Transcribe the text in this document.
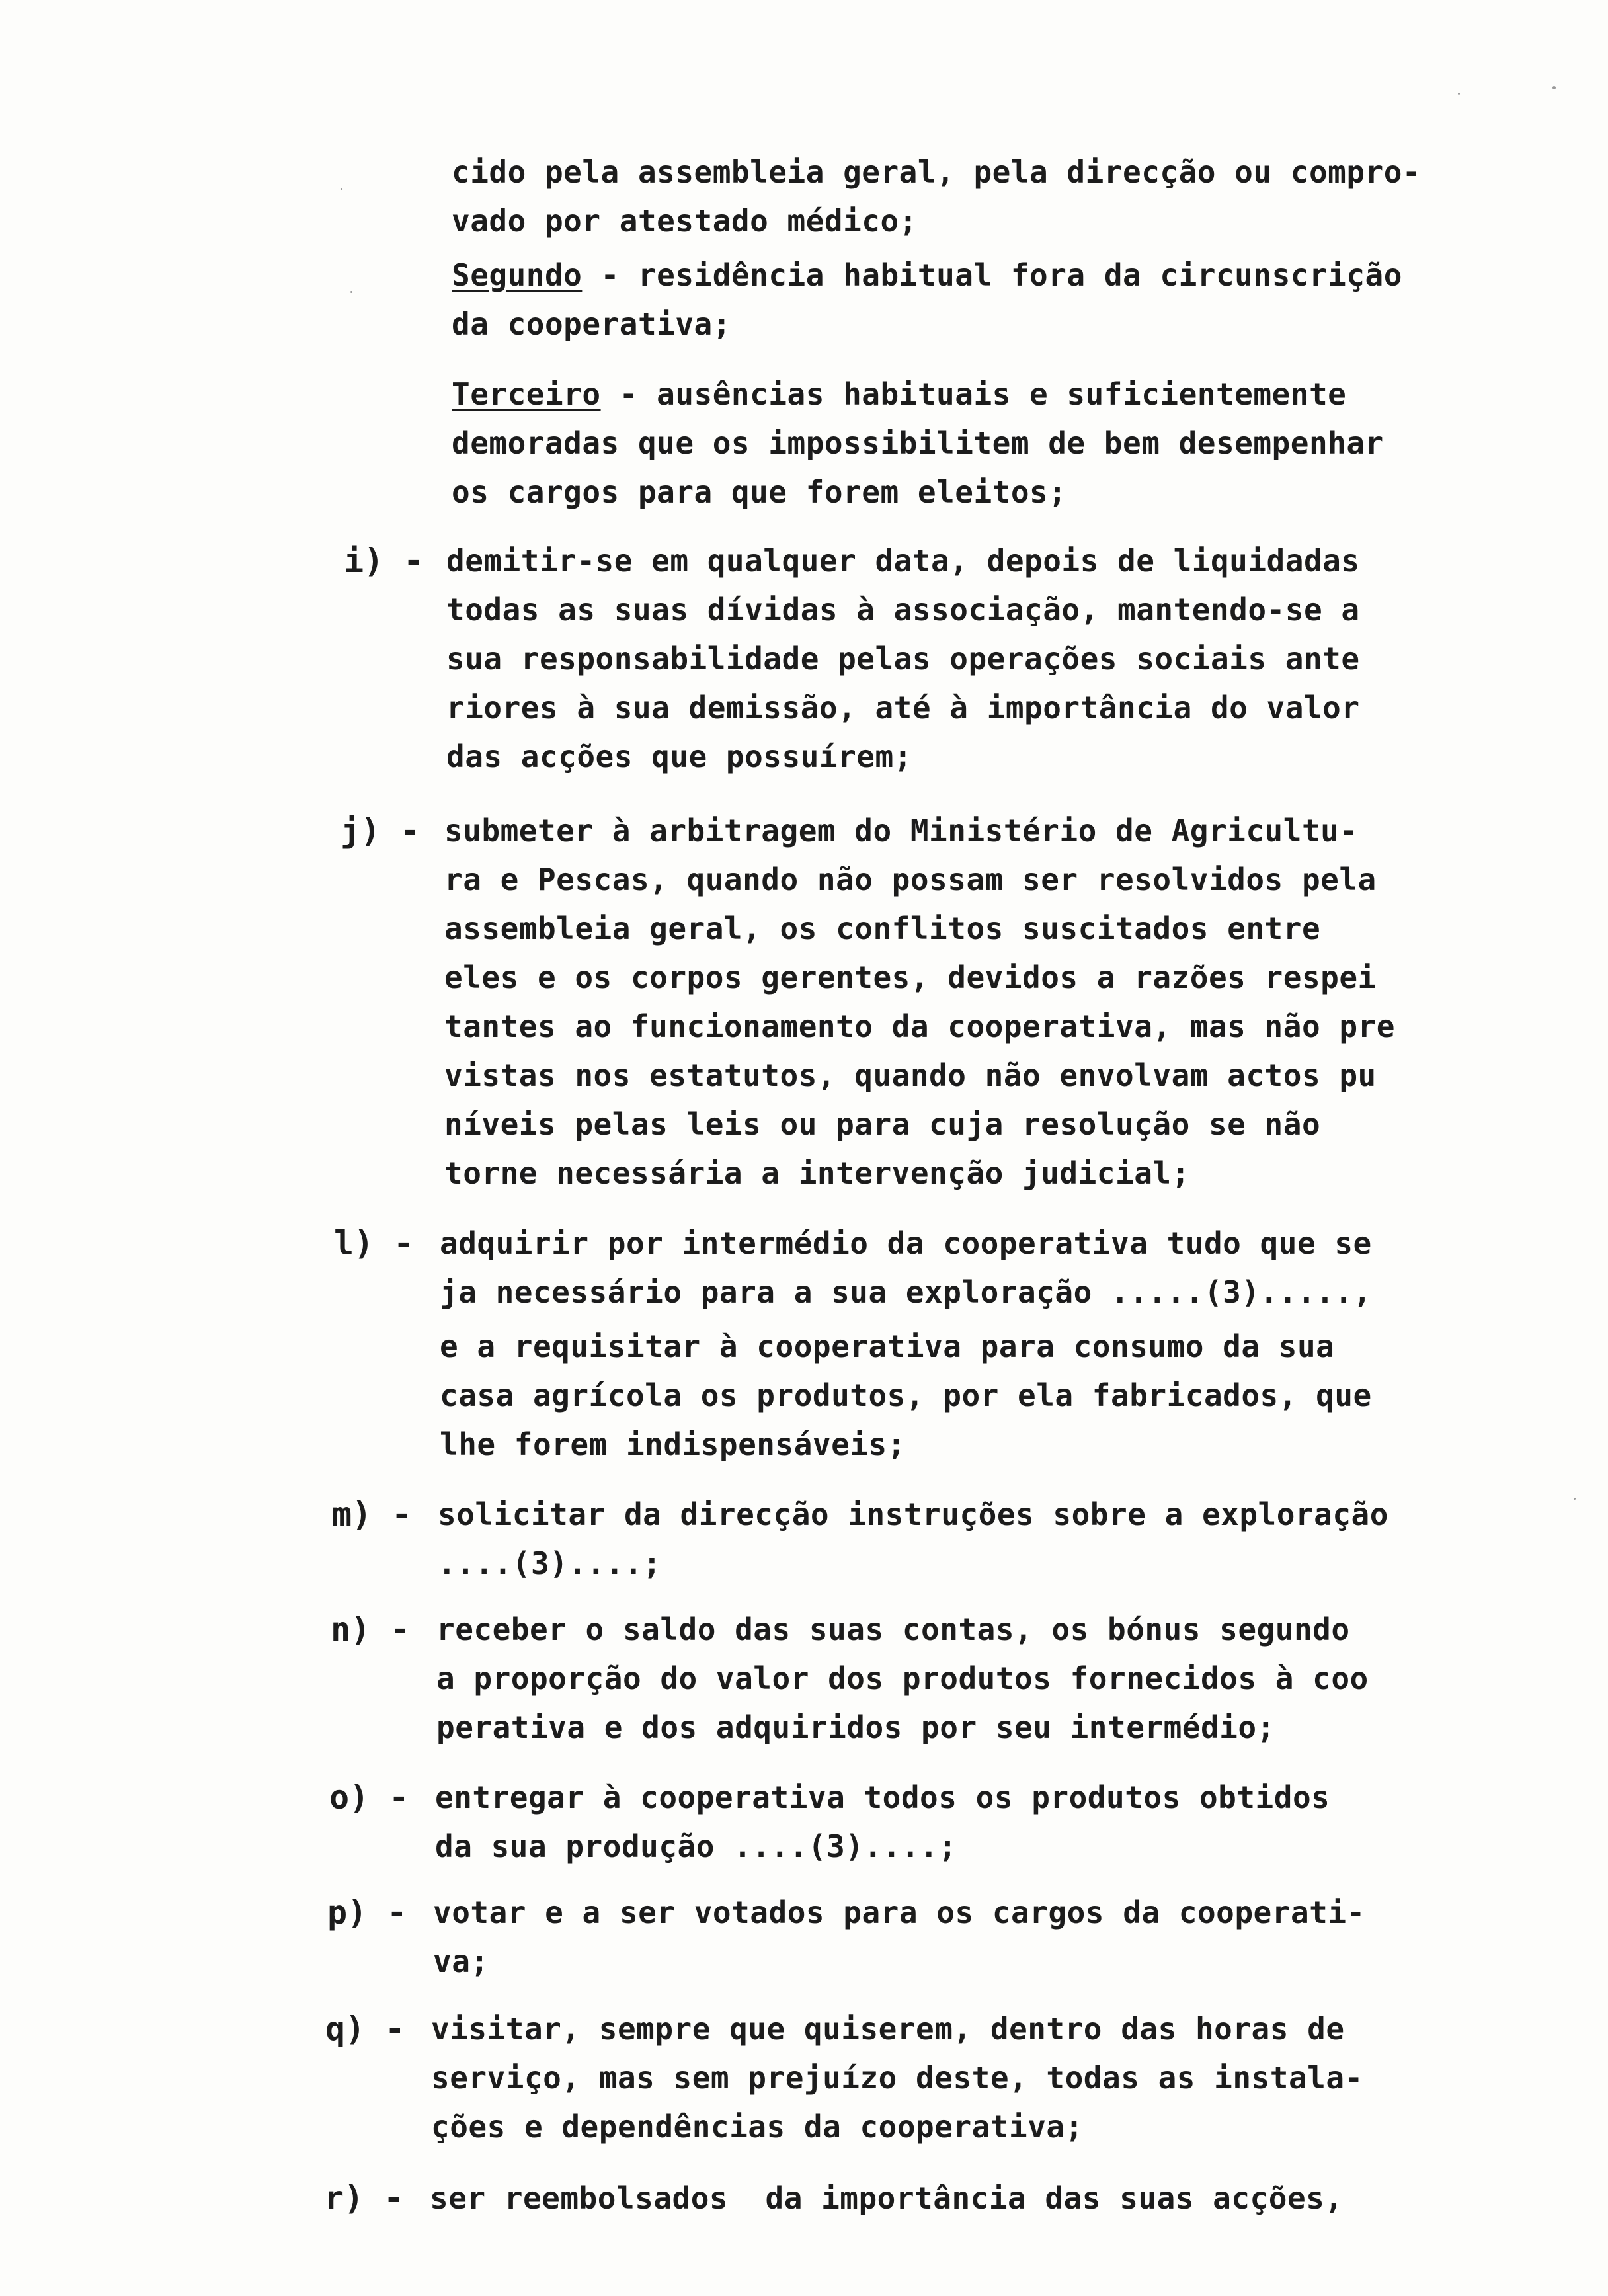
cido pela assembleia geral, pela direcção ou compro-
vado por atestado médico;
Segundo - residência habitual fora da circunscrição
da cooperativa;
Terceiro - ausências habituais e suficientemente
demoradas que os impossibilitem de bem desempenhar
os cargos para que forem eleitos;
i) - demitir-se em qualquer data, depois de liquidadas
todas as suas dívidas à associação, mantendo-se a
sua responsabilidade pelas operações sociais ante
riores à sua demissão, até à importância do valor
das acções que possuírem;
j) - submeter à arbitragem do Ministério de Agricultu-
ra e Pescas, quando não possam ser resolvidos pela
assembleia geral, os conflitos suscitados entre
eles e os corpos gerentes, devidos a razões respei
tantes ao funcionamento da cooperativa, mas não pre
vistas nos estatutos, quando não envolvam actos pu
níveis pelas leis ou para cuja resolução se não
torne necessária a intervenção judicial;
l) - adquirir por intermédio da cooperativa tudo que se
ja necessário para a sua exploração .....(3).....,
e a requisitar à cooperativa para consumo da sua
casa agrícola os produtos, por ela fabricados, que
lhe forem indispensáveis;
m) - solicitar da direcção instruções sobre a exploração
....(3)....;
n) - receber o saldo das suas contas, os bónus segundo
a proporção do valor dos produtos fornecidos à coo
perativa e dos adquiridos por seu intermédio;
o) - entregar à cooperativa todos os produtos obtidos
da sua produção ....(3)....;
p) - votar e a ser votados para os cargos da cooperati-
va;
q) - visitar, sempre que quiserem, dentro das horas de
serviço, mas sem prejuízo deste, todas as instala-
ções e dependências da cooperativa;
r) - ser reembolsados  da importância das suas acções,
